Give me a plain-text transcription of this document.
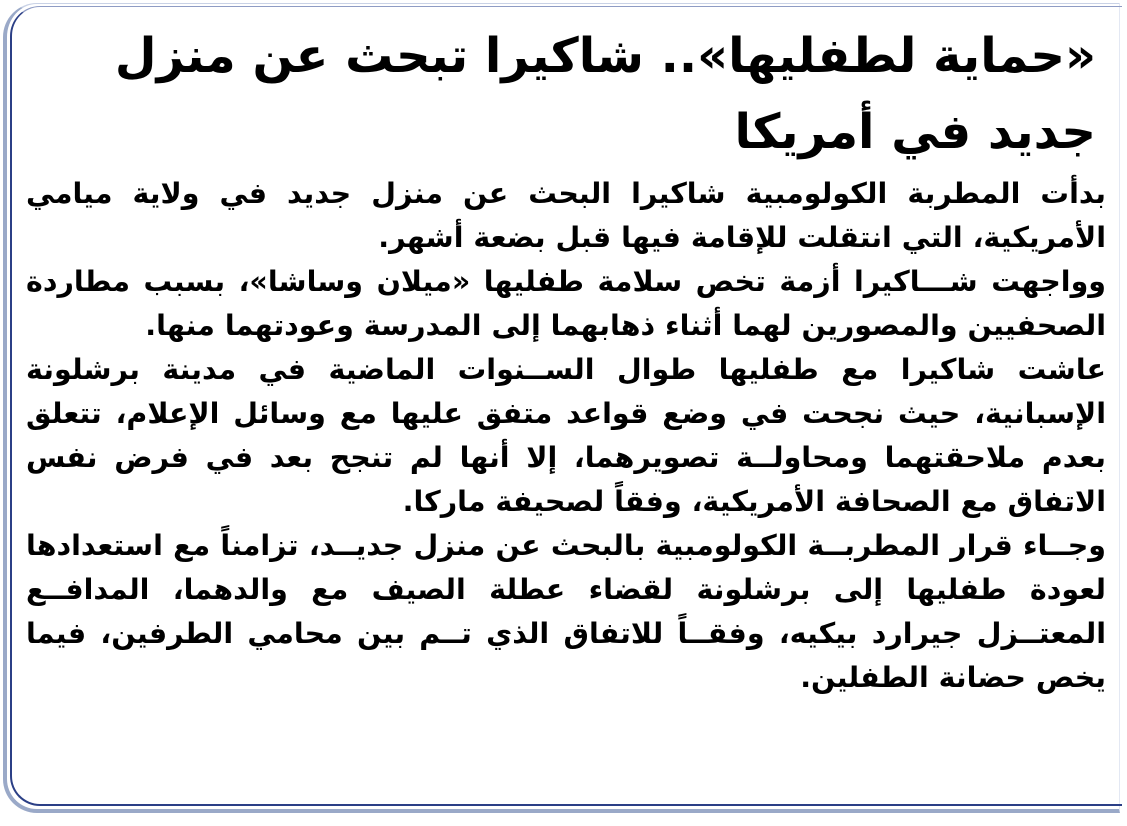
«حماية لطفليها».. شاكيرا تبحث عن منزل جديد في أمريكا

بدأت المطربة الكولومبية شاكيرا البحث عن منزل جديد في ولاية ميامي الأمريكية، التي انتقلت للإقامة فيها قبل بضعة أشهر.

وواجهت شـــاكيرا أزمة تخص سلامة طفليها «ميلان وساشا»، بسبب مطاردة الصحفيين والمصورين لهما أثناء ذهابهما إلى المدرسة وعودتهما منها.

عاشت شاكيرا مع طفليها طوال الســنوات الماضية في مدينة برشلونة الإسبانية، حيث نجحت في وضع قواعد متفق عليها مع وسائل الإعلام، تتعلق بعدم ملاحقتهما ومحاولــة تصويرهما، إلا أنها لم تنجح بعد في فرض نفس الاتفاق مع الصحافة الأمريكية، وفقاً لصحيفة ماركا.

وجــاء قرار المطربــة الكولومبية بالبحث عن منزل جديــد، تزامناً مع استعدادها لعودة طفليها إلى برشلونة لقضاء عطلة الصيف مع والدهما، المدافــع المعتــزل جيرارد بيكيه، وفقــاً للاتفاق الذي تــم بين محامي الطرفين، فيما يخص حضانة الطفلين.
